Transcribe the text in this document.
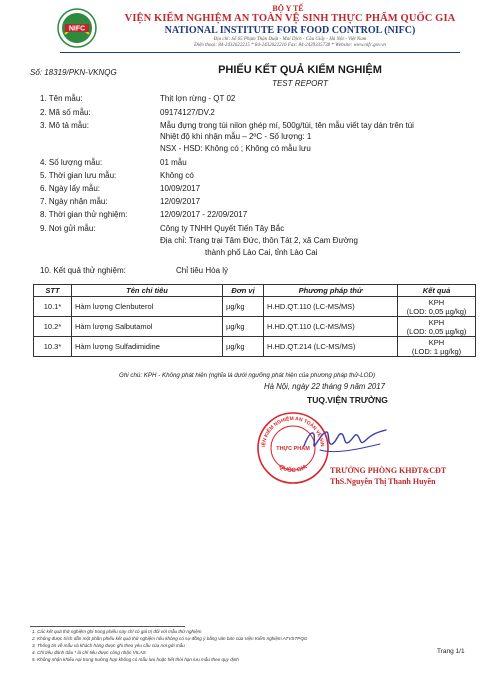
NIFC
BỘ Y TẾ
VIỆN KIỂM NGHIỆM AN TOÀN VỆ SINH THỰC PHẨM QUỐC GIA
NATIONAL INSTITUTE FOR FOOD CONTROL (NIFC)
Địa chỉ: Số 65 Phạm Thận Duật - Mai Dịch - Cầu Giấy - Hà Nội - Việt Nam
Điện thoại: 84-2432622215 * 84-2432622216 Fax: 84-2439335738 * Website: www.nifc.gov.vn
Số: 18319/PKN-VKNQG	PHIẾU KẾT QUẢ KIỂM NGHIỆM
TEST REPORT
1. Tên mẫu:	Thịt lợn rừng - QT 02
2. Mã số mẫu:	09174127/DV.2
3. Mô tả mẫu:	Mẫu đựng trong túi nilon ghép mí, 500g/túi, tên mẫu viết tay dán trên túi
Nhiệt độ khi nhận mẫu – 2ºC - Số lượng: 1
NSX - HSD: Không có ; Không có mẫu lưu
4. Số lượng mẫu:	01 mẫu
5. Thời gian lưu mẫu:	Không có
6. Ngày lấy mẫu:	10/09/2017
7. Ngày nhận mẫu:	12/09/2017
8. Thời gian thử nghiệm:	12/09/2017 - 22/09/2017
9. Nơi gửi mẫu:	Công ty TNHH Quyết Tiến Tây Bắc
Địa chỉ: Trang trại Tâm Đức, thôn Tát 2, xã Cam Đường
thành phố Lào Cai, tỉnh Lào Cai
10. Kết quả thử nghiệm:	Chỉ tiêu Hóa lý
STT	Tên chỉ tiêu	Đơn vị	Phương pháp thử	Kết quả
10.1*	Hàm lượng Clenbuterol	µg/kg	H.HD.QT.110 (LC-MS/MS)	KPH
(LOD: 0,05 µg/kg)

10.2*	Hàm lượng Salbutamol	µg/kg	H.HD.QT.110 (LC-MS/MS)	KPH
(LOD: 0,05 µg/kg)

10.3*	Hàm lượng Sulfadimidine	µg/kg	H.HD.QT.214 (LC-MS/MS)	KPH
(LOD: 1 µg/kg)
Ghi chú: KPH - Không phát hiện (nghĩa là dưới ngưỡng phát hiện của phương pháp thử-LOD)
Hà Nội, ngày 22 tháng 9 năm 2017
TUQ.VIỆN TRƯỞNG
IỆN KIỂM NGHIỆM AN TOÀN VỆ SIN
THỰC PHẨM
QUỐC GIA	TRƯỞNG PHÒNG KHĐT&CĐT
ThS.Nguyễn Thị Thanh Huyền
1. Các kết quả thử nghiệm ghi trong phiếu này chỉ có giá trị đối với mẫu thử nghiệm
2. Không được trích dẫn một phần phiếu kết quả thử nghiệm nếu không có sự đồng ý bằng văn bản của Viện Kiểm nghiệm ATVSTPQG
3. Thông tin về mẫu và khách hàng được ghi theo yêu cầu của nơi gửi mẫu
4. Chỉ tiêu đánh dấu * là chỉ tiêu được công nhận VILAS
5. Không nhận khiếu nại trong trường hợp không có mẫu lưu hoặc hết thời hạn lưu mẫu theo quy định
Trang 1/1
